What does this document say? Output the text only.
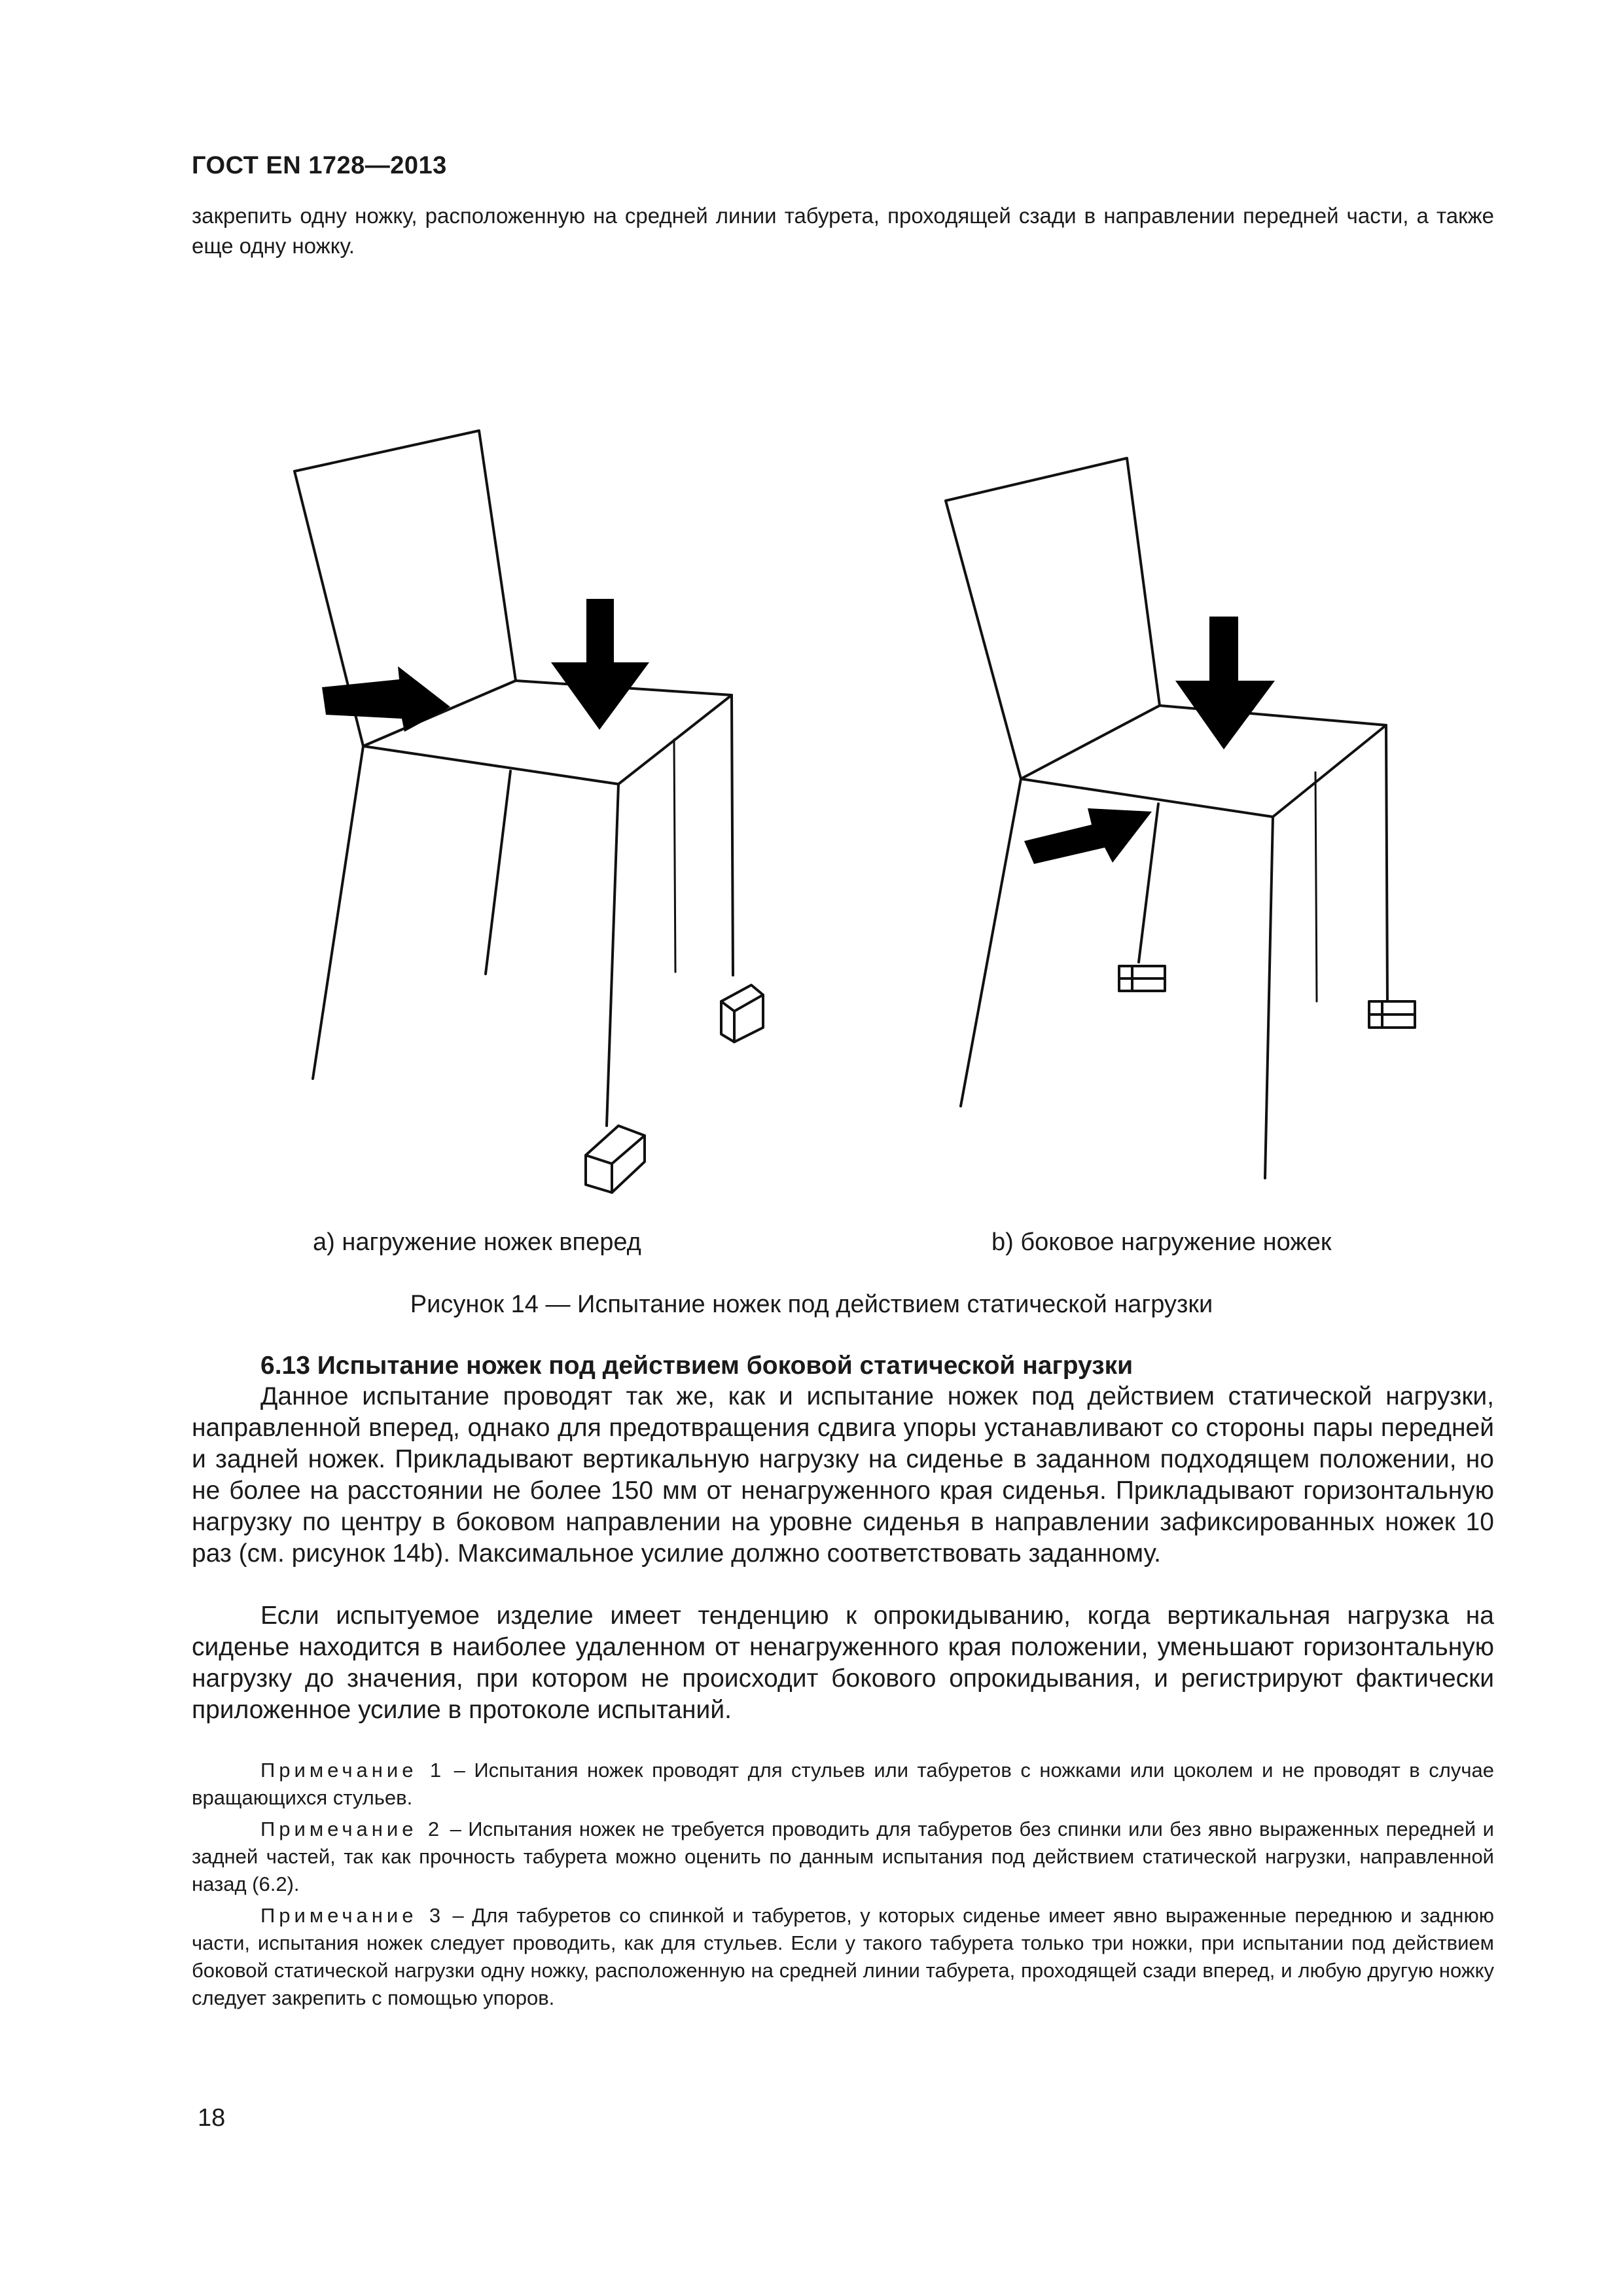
ГОСТ EN 1728—2013
закрепить одну ножку, расположенную на средней линии табурета, проходящей сзади в направлении передней части, а также еще одну ножку.
а) нагружение ножек вперед	b) боковое нагружение ножек
Рисунок 14 — Испытание ножек под действием статической нагрузки
6.13 Испытание ножек под действием боковой статической нагрузки
Данное испытание проводят так же, как и испытание ножек под действием статической нагрузки, направленной вперед, однако для предотвращения сдвига упоры устанавливают со стороны пары передней и задней ножек. Прикладывают вертикальную нагрузку на сиденье в заданном подходящем положении, но не более на расстоянии не более 150 мм от ненагруженного края сиденья. Прикладывают горизонтальную нагрузку по центру в боковом направлении на уровне сиденья в направлении зафиксированных ножек 10 раз (см. рисунок 14b). Максимальное усилие должно соответствовать заданному.
Если испытуемое изделие имеет тенденцию к опрокидыванию, когда вертикальная нагрузка на сиденье находится в наиболее удаленном от ненагруженного края положении, уменьшают горизонтальную нагрузку до значения, при котором не происходит бокового опрокидывания, и регистрируют фактически приложенное усилие в протоколе испытаний.
Примечание 1 – Испытания ножек проводят для стульев или табуретов с ножками или цоколем и не проводят в случае вращающихся стульев.
Примечание 2 – Испытания ножек не требуется проводить для табуретов без спинки или без явно выраженных передней и задней частей, так как прочность табурета можно оценить по данным испытания под действием статической нагрузки, направленной назад (6.2).
Примечание 3 – Для табуретов со спинкой и табуретов, у которых сиденье имеет явно выраженные переднюю и заднюю части, испытания ножек следует проводить, как для стульев. Если у такого табурета только три ножки, при испытании под действием боковой статической нагрузки одну ножку, расположенную на средней линии табурета, проходящей сзади вперед, и любую другую ножку следует закрепить с помощью упоров.
18
